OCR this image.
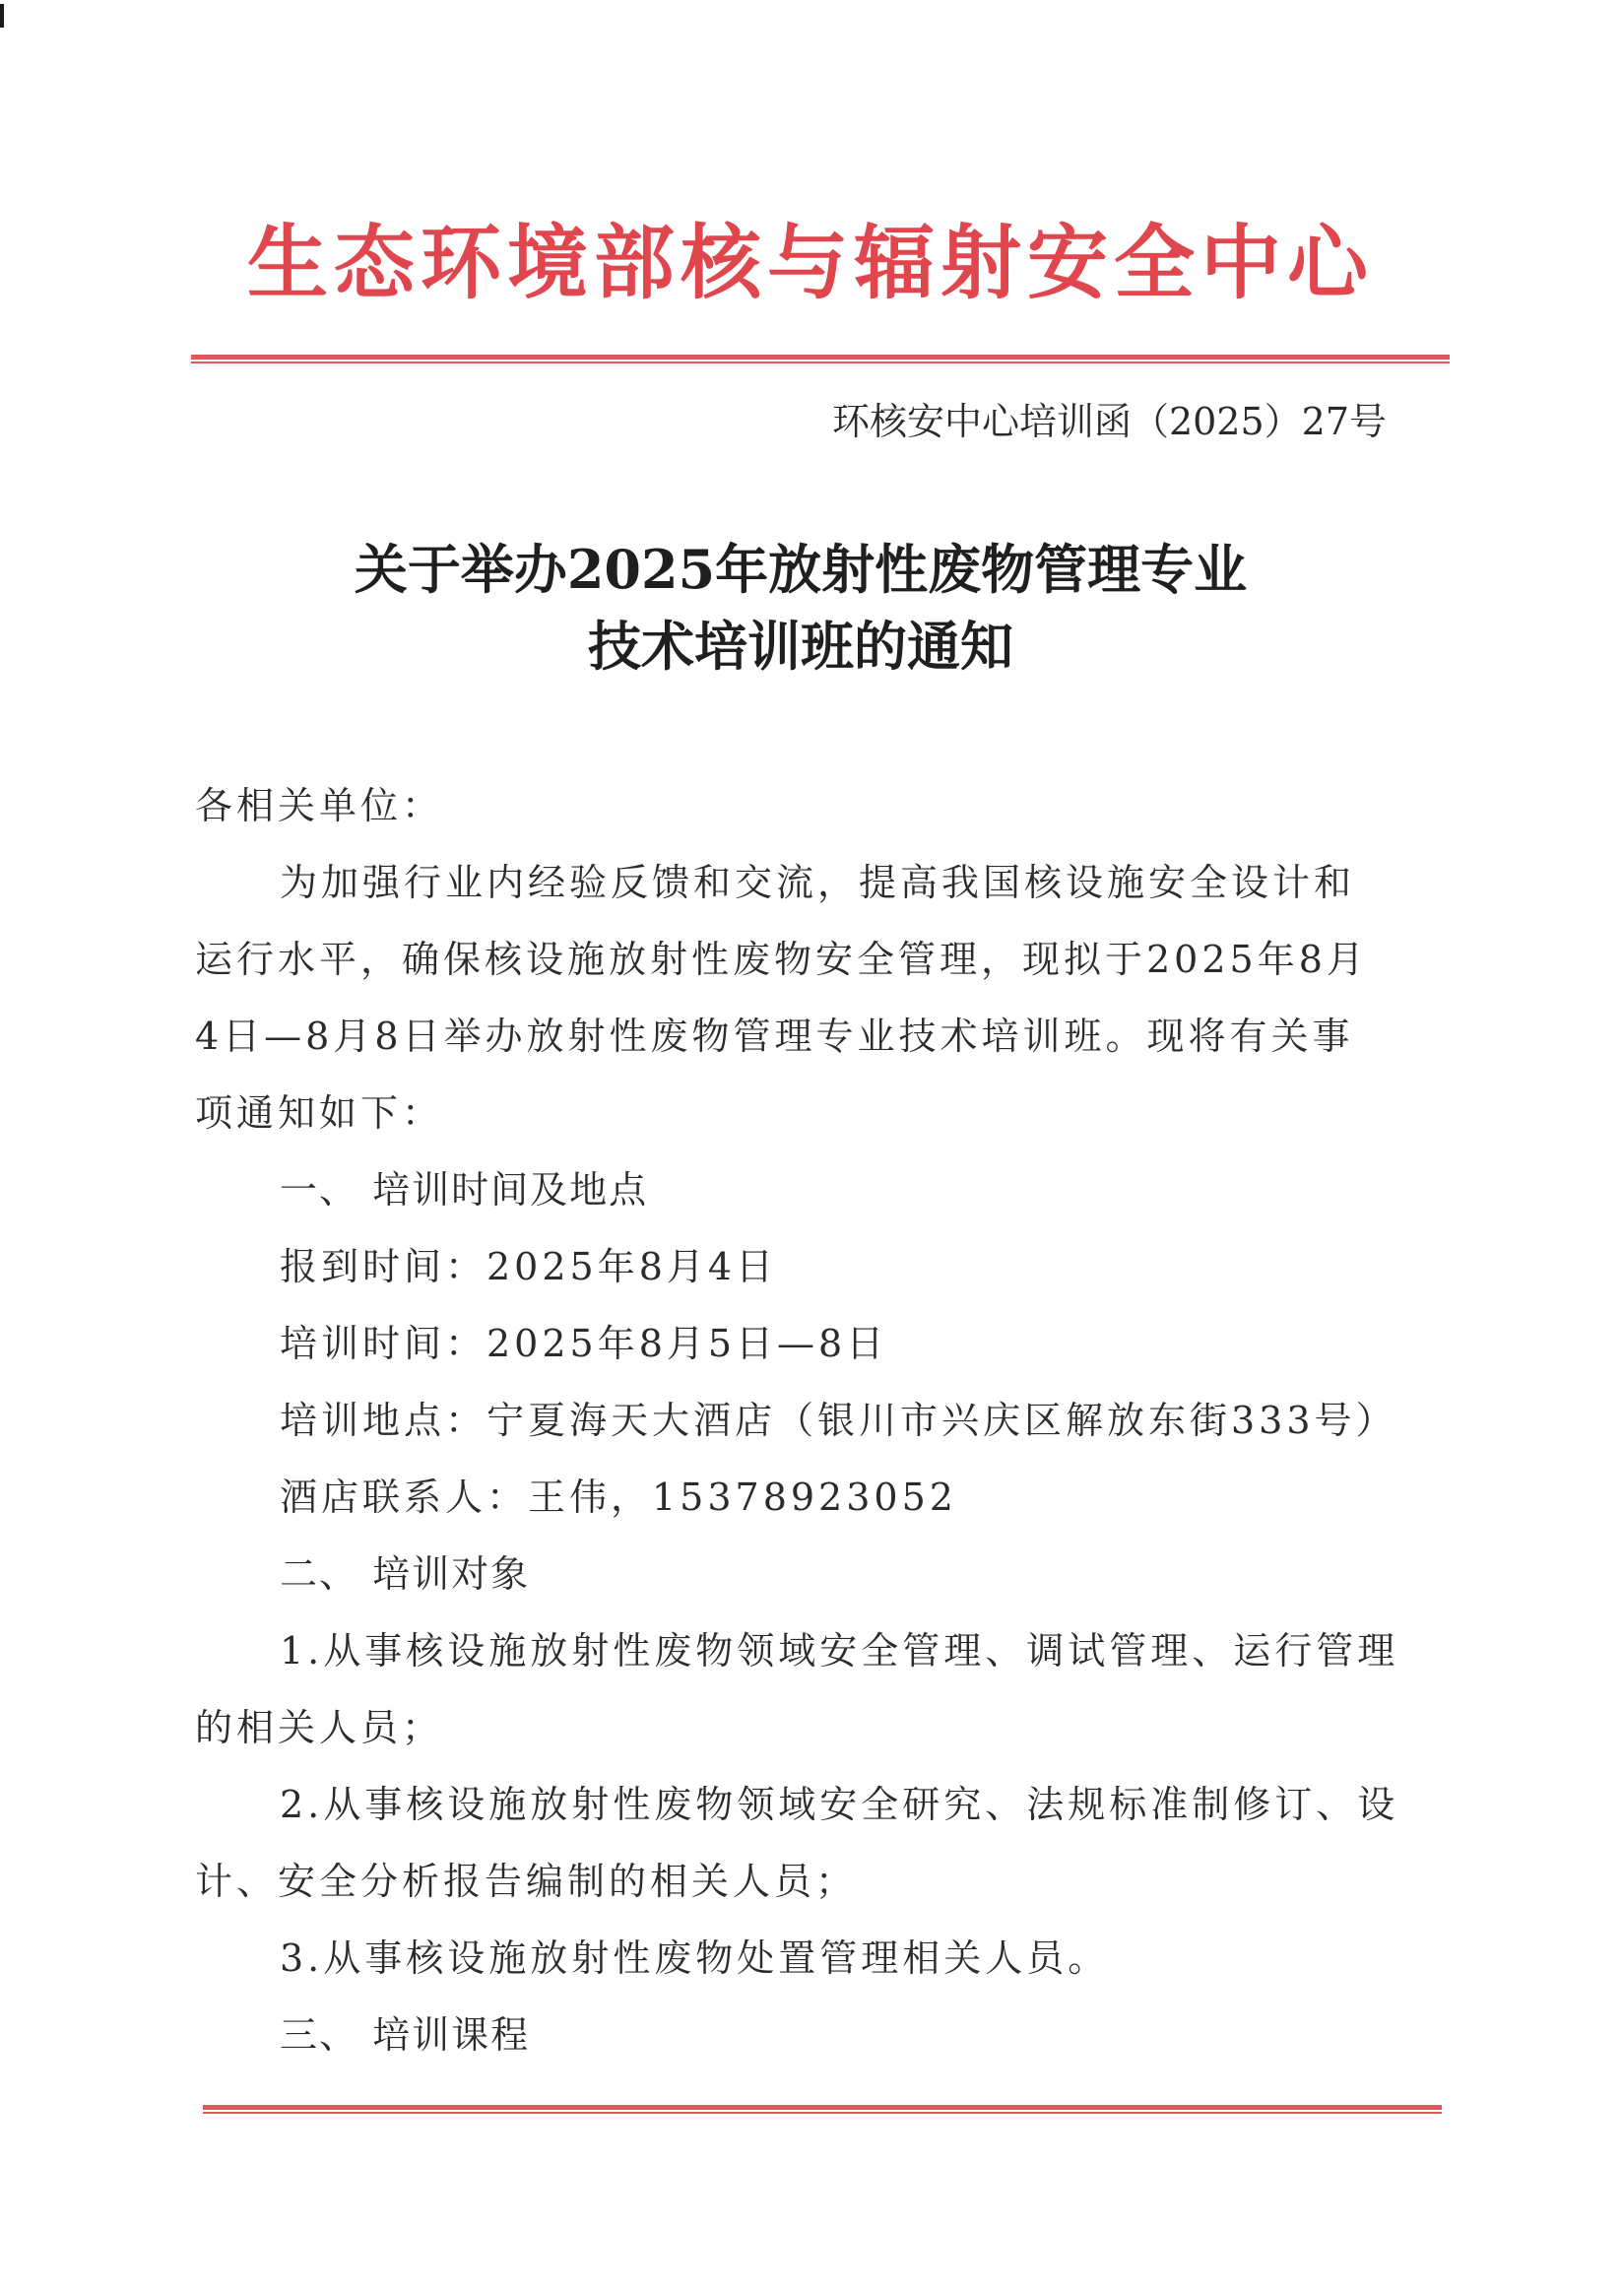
生态环境部核与辐射安全中心
环核安中心培训函（2025）27号
关于举办2025年放射性废物管理专业
技术培训班的通知
各相关单位：
为加强行业内经验反馈和交流，提高我国核设施安全设计和
运行水平，确保核设施放射性废物安全管理，现拟于2025年8月
4日—8月8日举办放射性废物管理专业技术培训班。现将有关事
项通知如下：
一、 培训时间及地点
报到时间：2025年8月4日
培训时间：2025年8月5日—8日
培训地点：宁夏海天大酒店（银川市兴庆区解放东街333号）
酒店联系人：王伟，15378923052
二、 培训对象
1.从事核设施放射性废物领域安全管理、调试管理、运行管理
的相关人员；
2.从事核设施放射性废物领域安全研究、法规标准制修订、设
计、安全分析报告编制的相关人员；
3.从事核设施放射性废物处置管理相关人员。
三、 培训课程
